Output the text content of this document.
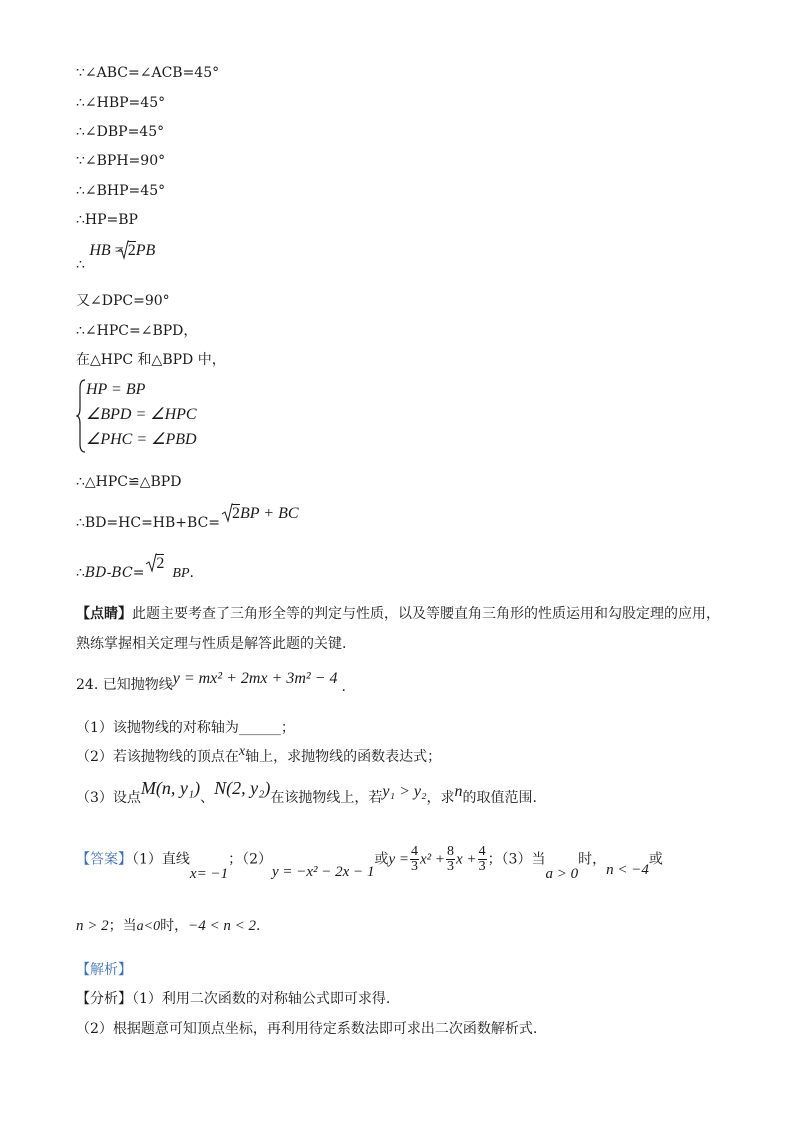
∵∠ABC=∠ACB=45°
∴∠HBP=45°
∴∠DBP=45°
∵∠BPH=90°
∴∠BHP=45°
∴HP=BP
∴ HB =
2PB
又∠DPC=90°
∴∠HPC=∠BPD，
在△HPC 和△BPD 中，
HP = BP
∠BPD = ∠HPC
∠PHC = ∠PBD
∴△HPC≌△BPD
∴BD=HC=HB+BC=
2BP + BC
∴BD-BC=
2BP.
【点睛】此题主要考查了三角形全等的判定与性质，以及等腰直角三角形的性质运用和勾股定理的应用，
熟练掌握相关定理与性质是解答此题的关键.
24. 已知抛物线y = mx² + 2mx + 3m² − 4 .
（1）该抛物线的对称轴为______；
（2）若该抛物线的顶点在x轴上，求抛物线的函数表达式；
（3）设点M(n, y₁)、N(2, y₂)在该抛物线上，若y₁ > y₂，求n的取值范围.
【答案】（1）直线x= −1；（2）y = −x² − 2x − 1或$y = \frac{4}{3} x^2 + \frac{8}{3}$ $x + \frac{4}{3}$ ；（3）当a > 0时，n < −4或
n > 2；当a<0时，−4 < n < 2.
【解析】
【分析】（1）利用二次函数的对称轴公式即可求得.
（2）根据题意可知顶点坐标，再利用待定系数法即可求出二次函数解析式.
